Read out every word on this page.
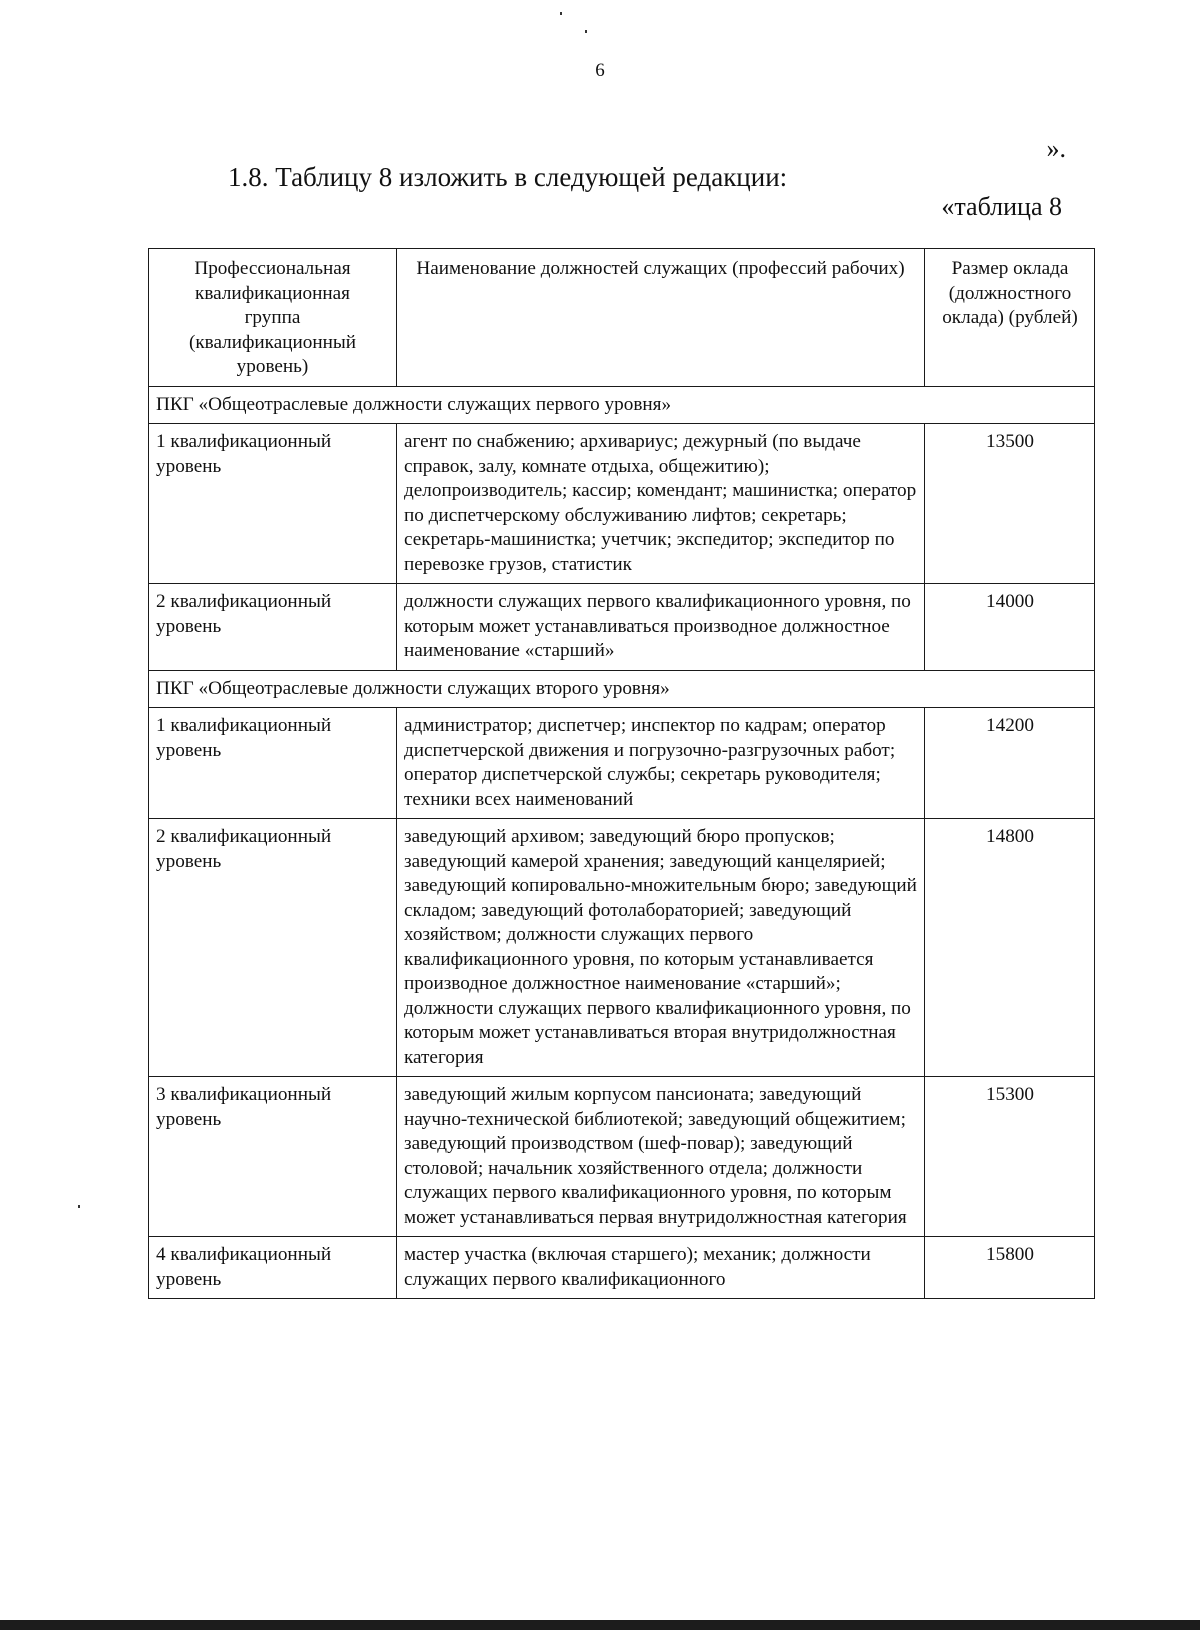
6
».
1.8. Таблицу 8 изложить в следующей редакции:
«таблица 8
Профессиональная квалификационная группа (квалификационный уровень)	Наименование должностей служащих (профессий рабочих)	Размер оклада (должностного оклада) (рублей)
ПКГ «Общеотраслевые должности служащих первого уровня»		
1 квалификационный уровень	агент по снабжению; архивариус; дежурный (по выдаче справок, залу, комнате отдыха, общежитию); делопроизводитель; кассир; комендант; машинистка; оператор по диспетчерскому обслуживанию лифтов; секретарь; секретарь-машинистка; учетчик; экспедитор; экспедитор по перевозке грузов, статистик	13500
2 квалификационный уровень	должности служащих первого квалификационного уровня, по которым может устанавливаться производное должностное наименование «старший»	14000
ПКГ «Общеотраслевые должности служащих второго уровня»		
1 квалификационный уровень	администратор; диспетчер; инспектор по кадрам; оператор диспетчерской движения и погрузочно-разгрузочных работ; оператор диспетчерской службы; секретарь руководителя; техники всех наименований	14200
2 квалификационный уровень	заведующий архивом; заведующий бюро пропусков; заведующий камерой хранения; заведующий канцелярией; заведующий копировально-множительным бюро; заведующий складом; заведующий фотолабораторией; заведующий хозяйством; должности служащих первого квалификационного уровня, по которым устанавливается производное должностное наименование «старший»; должности служащих первого квалификационного уровня, по которым может устанавливаться вторая внутридолжностная категория	14800
3 квалификационный уровень	заведующий жилым корпусом пансионата; заведующий научно-технической библиотекой; заведующий общежитием; заведующий производством (шеф-повар); заведующий столовой; начальник хозяйственного отдела; должности служащих первого квалификационного уровня, по которым может устанавливаться первая внутридолжностная категория	15300
4 квалификационный уровень	мастер участка (включая старшего); механик; должности служащих первого квалификационного	15800
